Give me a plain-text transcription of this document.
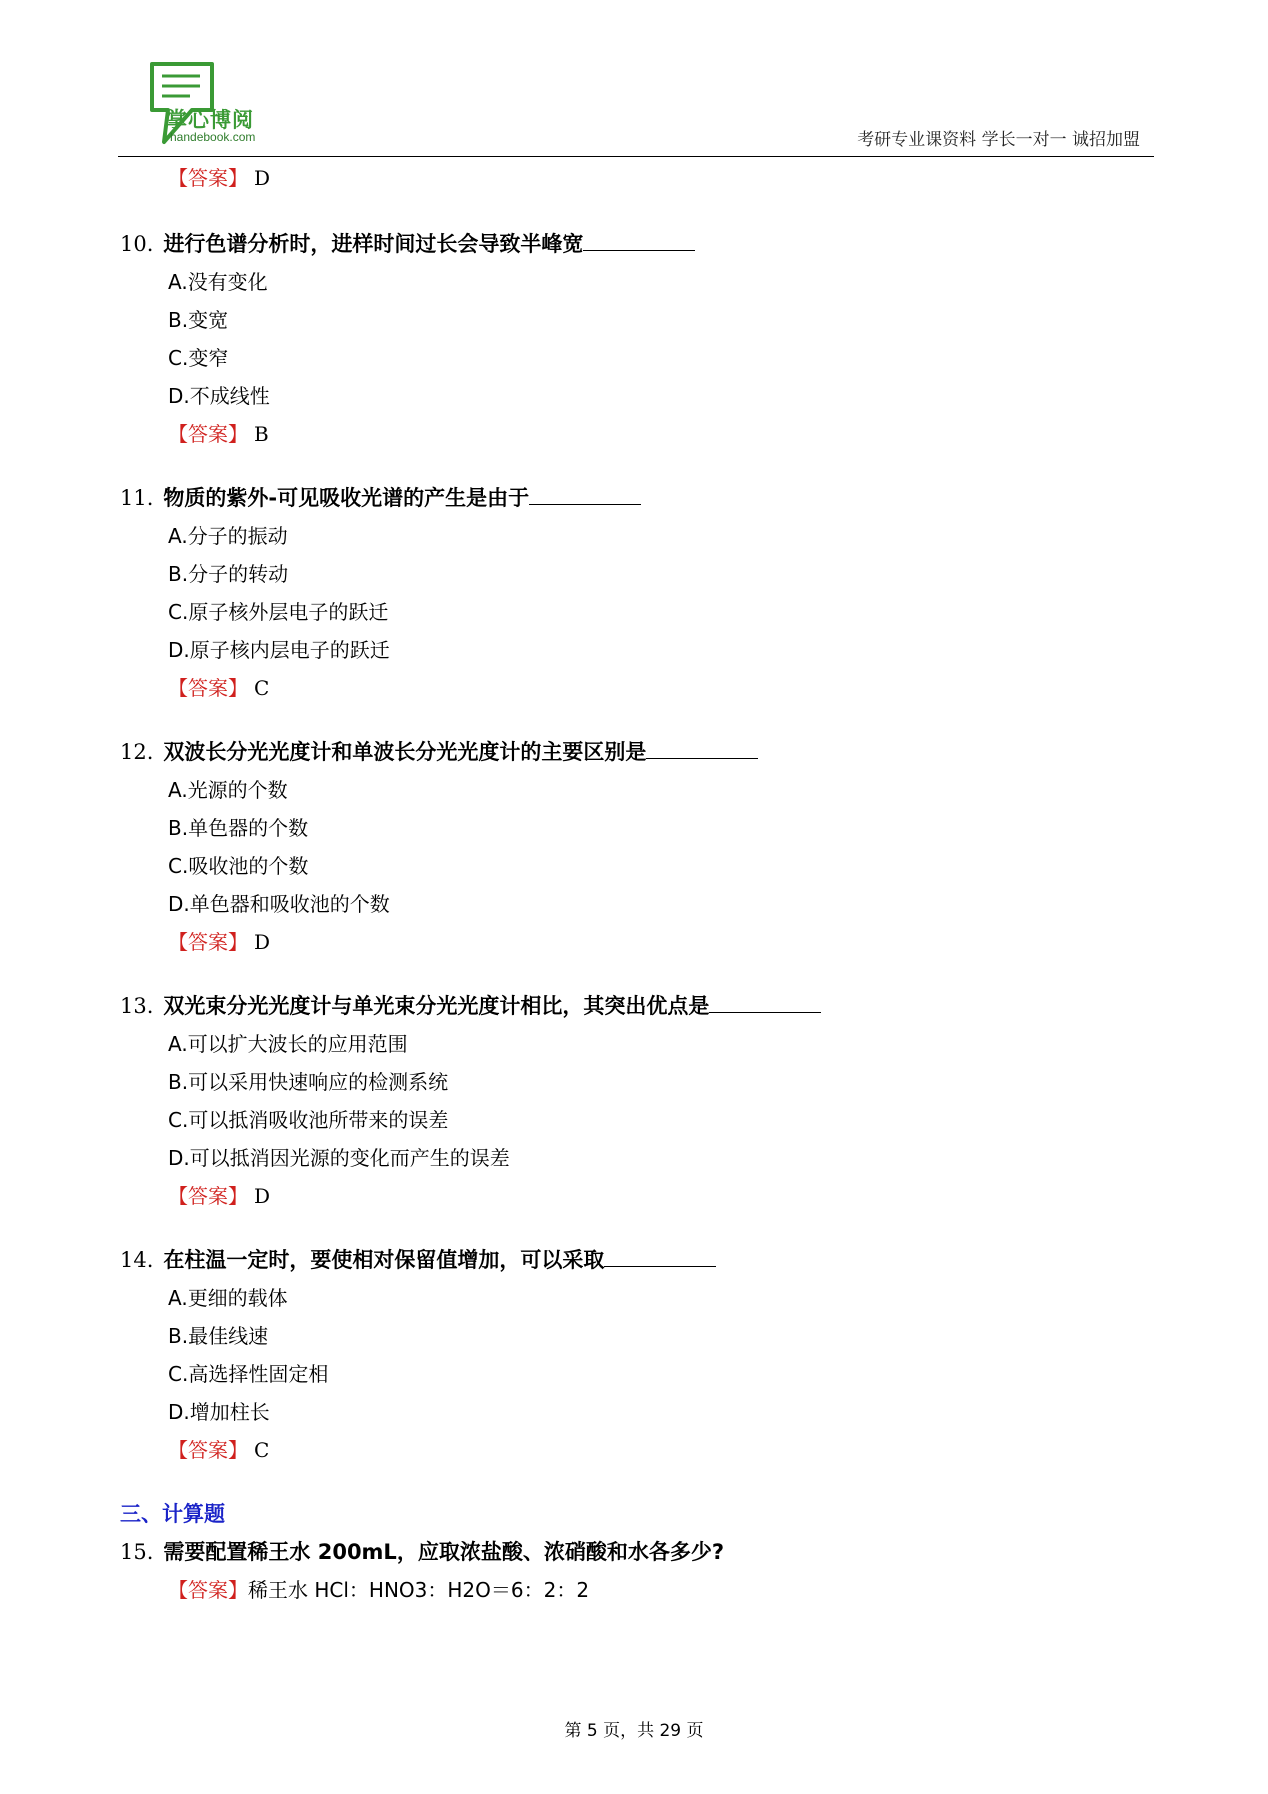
掌心博阅
handebook.com	考研专业课资料 学长一对一 诚招加盟
【答案】 D
10. 进行色谱分析时，进样时间过长会导致半峰宽
A.没有变化
B.变宽
C.变窄
D.不成线性
【答案】 B
11. 物质的紫外-可见吸收光谱的产生是由于
A.分子的振动
B.分子的转动
C.原子核外层电子的跃迁
D.原子核内层电子的跃迁
【答案】 C
12. 双波长分光光度计和单波长分光光度计的主要区别是
A.光源的个数
B.单色器的个数
C.吸收池的个数
D.单色器和吸收池的个数
【答案】 D
13. 双光束分光光度计与单光束分光光度计相比，其突出优点是
A.可以扩大波长的应用范围
B.可以采用快速响应的检测系统
C.可以抵消吸收池所带来的误差
D.可以抵消因光源的变化而产生的误差
【答案】 D
14. 在柱温一定时，要使相对保留值增加，可以采取
A.更细的载体
B.最佳线速
C.高选择性固定相
D.增加柱长
【答案】 C
三、计算题
15. 需要配置稀王水 200mL，应取浓盐酸、浓硝酸和水各多少?
【答案】稀王水 HCl：HNO3：H2O＝6：2：2
第 5 页，共 29 页
